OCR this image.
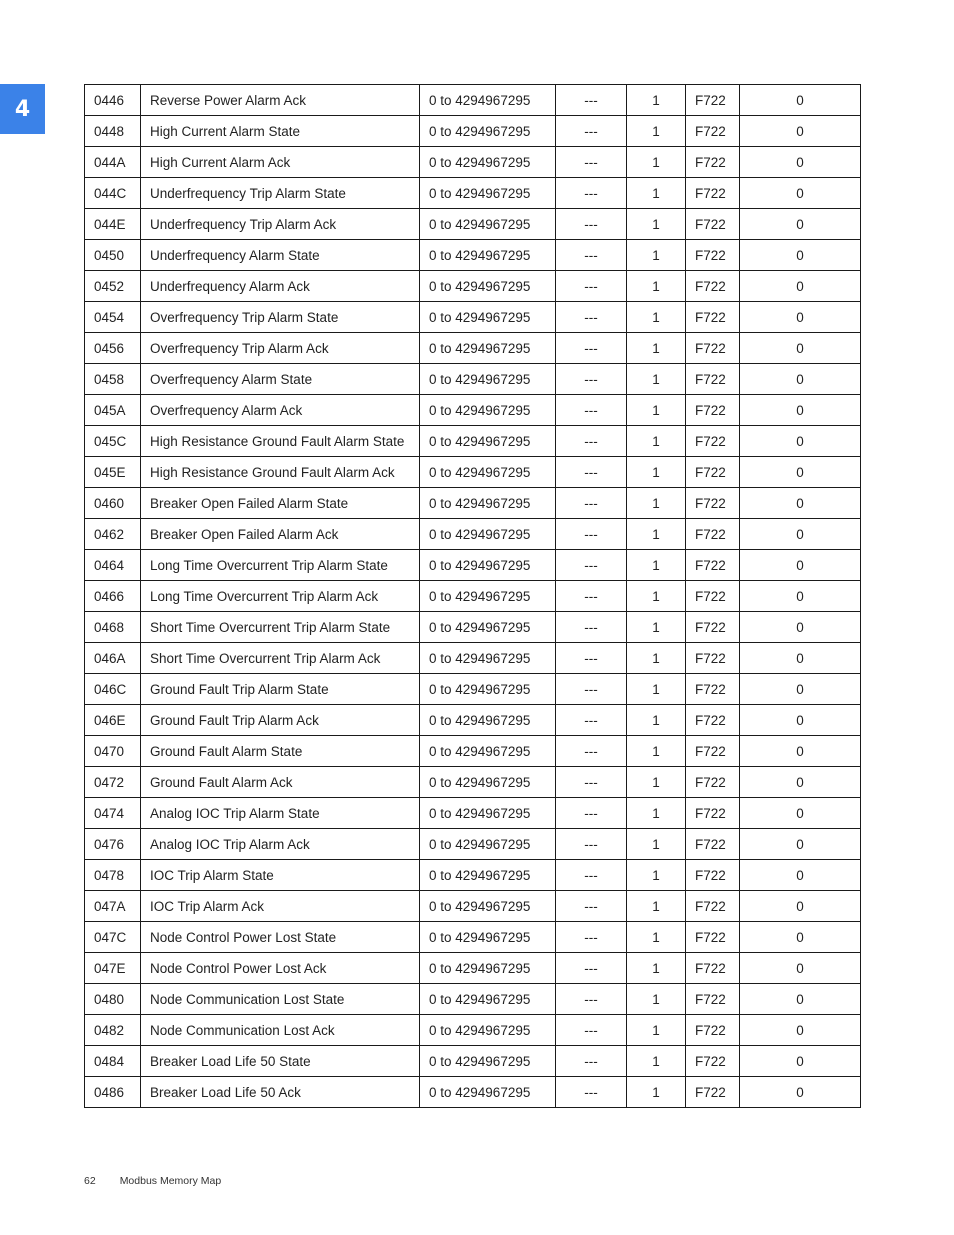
4	0446	Reverse Power Alarm Ack	0 to 4294967295	---	1	F722	0
0448	High Current Alarm State	0 to 4294967295	---	1	F722	0
044A	High Current Alarm Ack	0 to 4294967295	---	1	F722	0
044C	Underfrequency Trip Alarm State	0 to 4294967295	---	1	F722	0
044E	Underfrequency Trip Alarm Ack	0 to 4294967295	---	1	F722	0
0450	Underfrequency Alarm State	0 to 4294967295	---	1	F722	0
0452	Underfrequency Alarm Ack	0 to 4294967295	---	1	F722	0
0454	Overfrequency Trip Alarm State	0 to 4294967295	---	1	F722	0
0456	Overfrequency Trip Alarm Ack	0 to 4294967295	---	1	F722	0
0458	Overfrequency Alarm State	0 to 4294967295	---	1	F722	0
045A	Overfrequency Alarm Ack	0 to 4294967295	---	1	F722	0
045C	High Resistance Ground Fault Alarm State	0 to 4294967295	---	1	F722	0
045E	High Resistance Ground Fault Alarm Ack	0 to 4294967295	---	1	F722	0
0460	Breaker Open Failed Alarm State	0 to 4294967295	---	1	F722	0
0462	Breaker Open Failed Alarm Ack	0 to 4294967295	---	1	F722	0
0464	Long Time Overcurrent Trip Alarm State	0 to 4294967295	---	1	F722	0
0466	Long Time Overcurrent Trip Alarm Ack	0 to 4294967295	---	1	F722	0
0468	Short Time Overcurrent Trip Alarm State	0 to 4294967295	---	1	F722	0
046A	Short Time Overcurrent Trip Alarm Ack	0 to 4294967295	---	1	F722	0
046C	Ground Fault Trip Alarm State	0 to 4294967295	---	1	F722	0
046E	Ground Fault Trip Alarm Ack	0 to 4294967295	---	1	F722	0
0470	Ground Fault Alarm State	0 to 4294967295	---	1	F722	0
0472	Ground Fault Alarm Ack	0 to 4294967295	---	1	F722	0
0474	Analog IOC Trip Alarm State	0 to 4294967295	---	1	F722	0
0476	Analog IOC Trip Alarm Ack	0 to 4294967295	---	1	F722	0
0478	IOC Trip Alarm State	0 to 4294967295	---	1	F722	0
047A	IOC Trip Alarm Ack	0 to 4294967295	---	1	F722	0
047C	Node Control Power Lost State	0 to 4294967295	---	1	F722	0
047E	Node Control Power Lost Ack	0 to 4294967295	---	1	F722	0
0480	Node Communication Lost State	0 to 4294967295	---	1	F722	0
0482	Node Communication Lost Ack	0 to 4294967295	---	1	F722	0
0484	Breaker Load Life 50 State	0 to 4294967295	---	1	F722	0
0486	Breaker Load Life 50 Ack	0 to 4294967295	---	1	F722	0
62 Modbus Memory Map
